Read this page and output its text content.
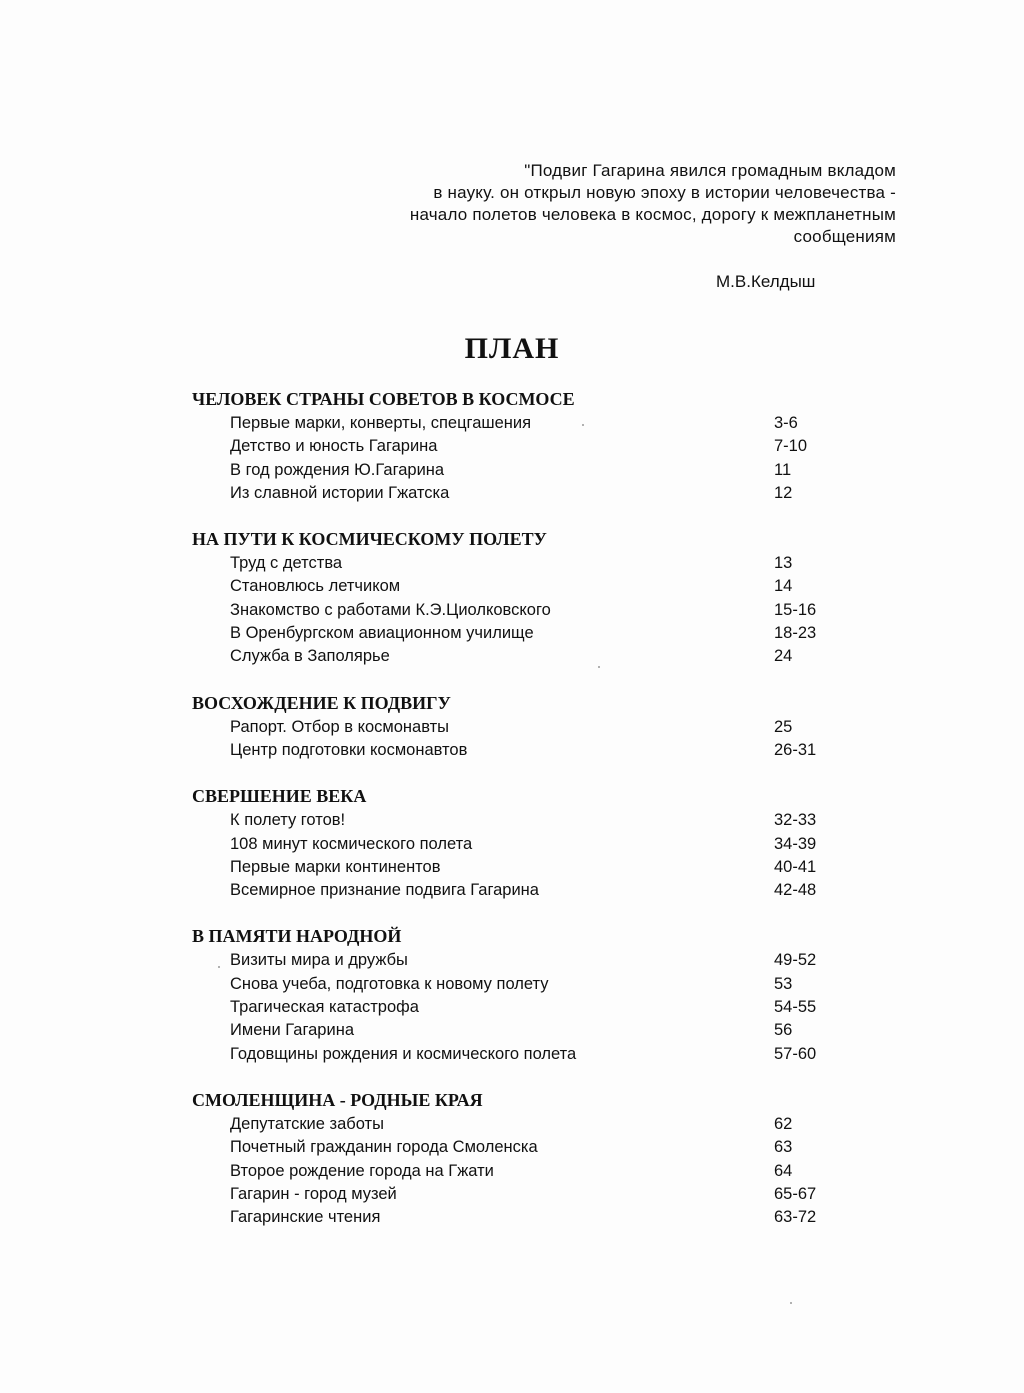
"Подвиг Гагарина явился громадным вкладом
в науку. он открыл новую эпоху в истории человечества -
начало полетов человека в космос, дорогу к межпланетным
сообщениям
М.В.Келдыш
ПЛАН
ЧЕЛОВЕК СТРАНЫ СОВЕТОВ В КОСМОСЕ
Первые марки, конверты, спецгашения	3-6
Детство и юность Гагарина	7-10
В год рождения Ю.Гагарина	11
Из славной истории Гжатска	12
НА ПУТИ К КОСМИЧЕСКОМУ ПОЛЕТУ
Труд с детства	13
Становлюсь летчиком	14
Знакомство с работами К.Э.Циолковского	15-16
В Оренбургском авиационном училище	18-23
Служба в Заполярье	24
ВОСХОЖДЕНИЕ К ПОДВИГУ
Рапорт. Отбор в космонавты	25
Центр подготовки космонавтов	26-31
СВЕРШЕНИЕ ВЕКА
К полету готов!	32-33
108 минут космического полета	34-39
Первые марки континентов	40-41
Всемирное признание подвига Гагарина	42-48
В ПАМЯТИ НАРОДНОЙ
Визиты мира и дружбы	49-52
Снова учеба, подготовка к новому полету	53
Трагическая катастрофа	54-55
Имени Гагарина	56
Годовщины рождения и космического полета	57-60
СМОЛЕНЩИНА - РОДНЫЕ КРАЯ
Депутатские заботы	62
Почетный гражданин города Смоленска	63
Второе рождение города на Гжати	64
Гагарин - город музей	65-67
Гагаринские чтения	63-72
